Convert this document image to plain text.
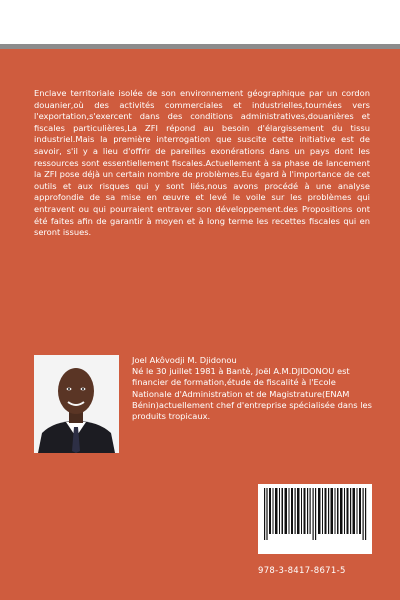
Enclave territoriale isolée de son environnement géographique par un cordon douanier,où des activités commerciales et industrielles,tournées vers l'exportation,s'exercent dans des conditions administratives,douanières et fiscales particulières,La ZFI répond au besoin d'élargissement du tissu industriel.Mais la première interrogation que suscite cette initiative est de savoir, s'il y a lieu d'offrir de pareilles exonérations dans un pays dont les ressources sont essentiellement fiscales.Actuellement à sa phase de lancement la ZFI pose déjà un certain nombre de problèmes.Eu égard à l'importance de cet outils et aux risques qui y sont liés,nous avons procédé à une analyse approfondie de sa mise en œuvre et levé le voile sur les problèmes qui entravent ou qui pourraient entraver son développement.des Propositions ont été faites afin de garantir à moyen et à long terme les recettes fiscales qui en seront issues.

Joel Akôvodji M. Djidonou
Né le 30 juillet 1981 à Bantè, Joël A.M.DJIDONOU est financier de formation,étude de fiscalité à l'Ecole Nationale d'Administration et de Magistrature(ENAM Bénin)actuellement chef d'entreprise spécialisée dans les produits tropicaux.
978-3-8417-8671-5
